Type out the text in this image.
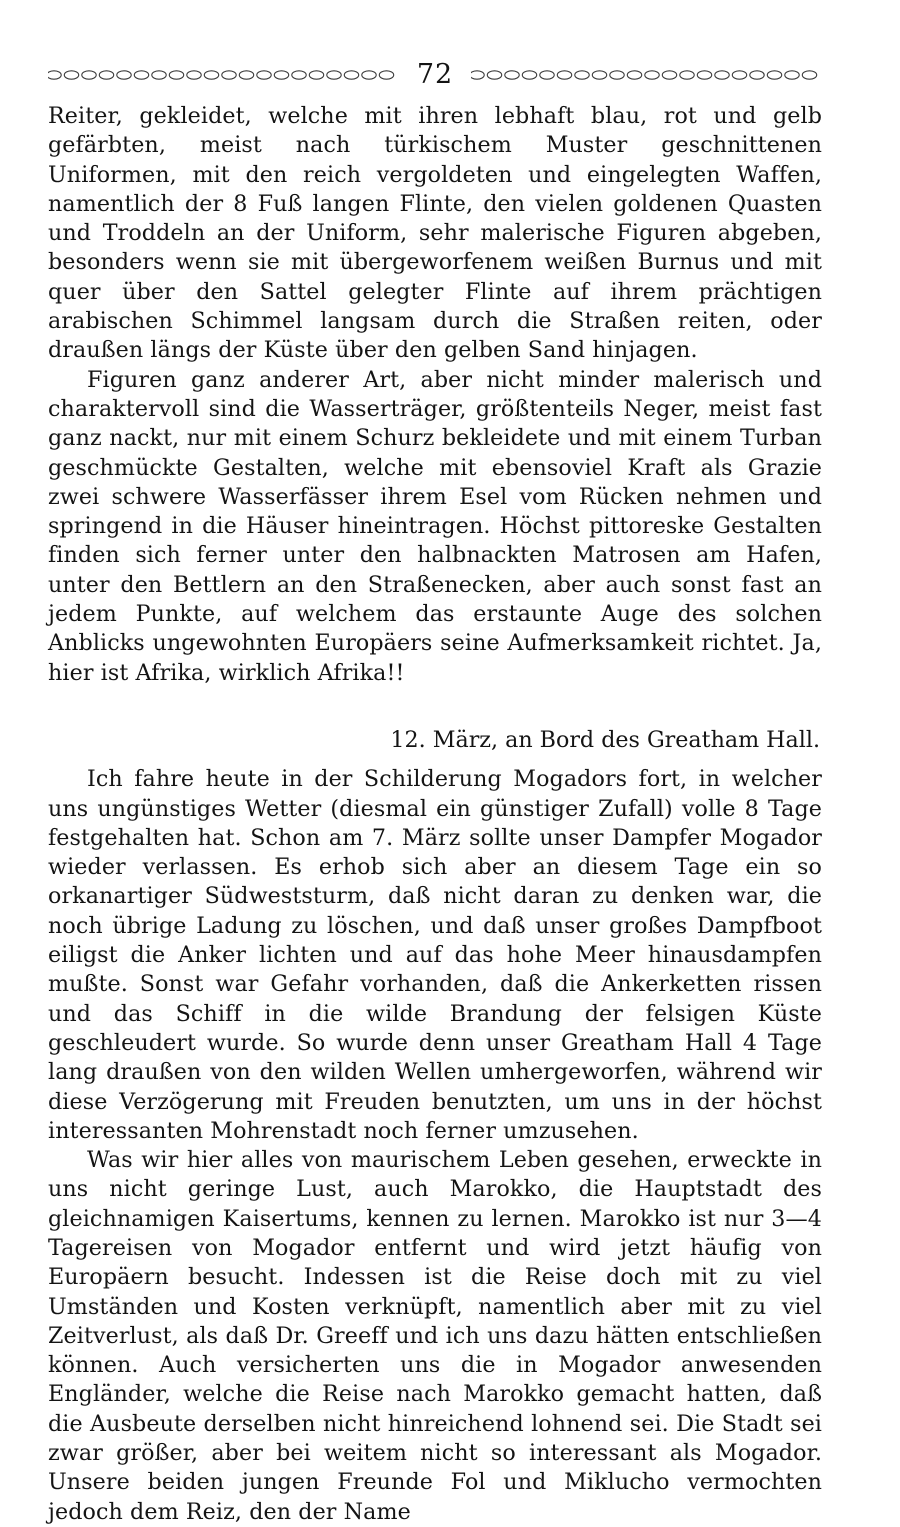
72

Reiter, gekleidet, welche mit ihren lebhaft blau, rot und gelb gefärbten, meist nach türkischem Muster geschnittenen Uniformen, mit den reich vergoldeten und eingelegten Waffen, namentlich der 8 Fuß langen Flinte, den vielen goldenen Quasten und Troddeln an der Uniform, sehr malerische Figuren abgeben, besonders wenn sie mit übergeworfenem weißen Burnus und mit quer über den Sattel gelegter Flinte auf ihrem prächtigen arabischen Schimmel langsam durch die Straßen reiten, oder draußen längs der Küste über den gelben Sand hinjagen.

Figuren ganz anderer Art, aber nicht minder malerisch und charaktervoll sind die Wasserträger, größtenteils Neger, meist fast ganz nackt, nur mit einem Schurz bekleidete und mit einem Turban geschmückte Gestalten, welche mit ebensoviel Kraft als Grazie zwei schwere Wasserfässer ihrem Esel vom Rücken nehmen und springend in die Häuser hineintragen. Höchst pittoreske Gestalten finden sich ferner unter den halbnackten Matrosen am Hafen, unter den Bettlern an den Straßenecken, aber auch sonst fast an jedem Punkte, auf welchem das erstaunte Auge des solchen Anblicks ungewohnten Europäers seine Aufmerksamkeit richtet. Ja, hier ist Afrika, wirklich Afrika!!

12. März, an Bord des Greatham Hall.

Ich fahre heute in der Schilderung Mogadors fort, in welcher uns ungünstiges Wetter (diesmal ein günstiger Zufall) volle 8 Tage festgehalten hat. Schon am 7. März sollte unser Dampfer Mogador wieder verlassen. Es erhob sich aber an diesem Tage ein so orkanartiger Südweststurm, daß nicht daran zu denken war, die noch übrige Ladung zu löschen, und daß unser großes Dampfboot eiligst die Anker lichten und auf das hohe Meer hinausdampfen mußte. Sonst war Gefahr vorhanden, daß die Ankerketten rissen und das Schiff in die wilde Brandung der felsigen Küste geschleudert wurde. So wurde denn unser Greatham Hall 4 Tage lang draußen von den wilden Wellen umhergeworfen, während wir diese Verzögerung mit Freuden benutzten, um uns in der höchst interessanten Mohrenstadt noch ferner umzusehen.

Was wir hier alles von maurischem Leben gesehen, erweckte in uns nicht geringe Lust, auch Marokko, die Hauptstadt des gleichnamigen Kaisertums, kennen zu lernen. Marokko ist nur 3—4 Tagereisen von Mogador entfernt und wird jetzt häufig von Europäern besucht. Indessen ist die Reise doch mit zu viel Umständen und Kosten verknüpft, namentlich aber mit zu viel Zeitverlust, als daß Dr. Greeff und ich uns dazu hätten entschließen können. Auch versicherten uns die in Mogador anwesenden Engländer, welche die Reise nach Marokko gemacht hatten, daß die Ausbeute derselben nicht hinreichend lohnend sei. Die Stadt sei zwar größer, aber bei weitem nicht so interessant als Mogador. Unsere beiden jungen Freunde Fol und Miklucho vermochten jedoch dem Reiz, den der Name
